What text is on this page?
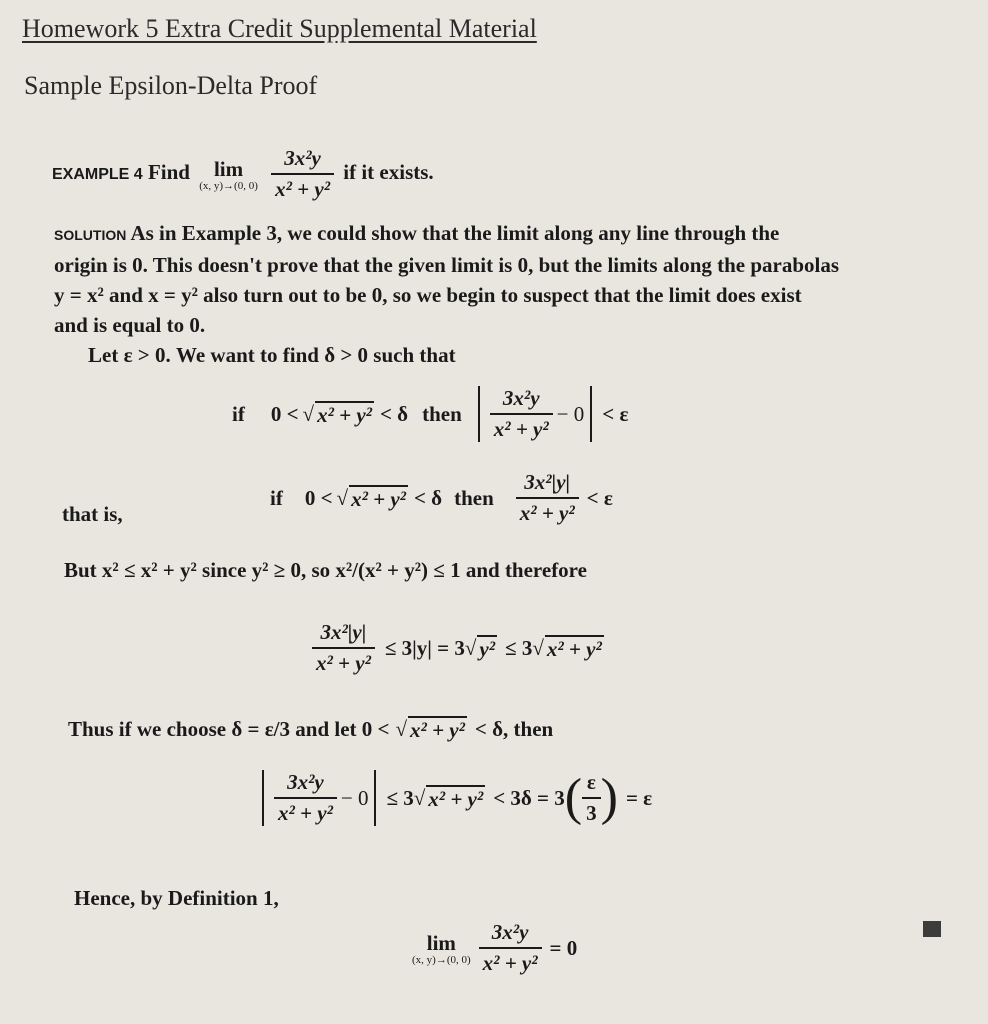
Homework 5 Extra Credit Supplemental Material
Sample Epsilon-Delta Proof
EXAMPLE 4 Find lim
(x, y)→(0, 0)
$\frac{\text{3x²y}}{\text{x² + y²}}$ if it exists.

SOLUTION As in Example 3, we could show that the limit along any line through the

origin is 0. This doesn't prove that the given limit is 0, but the limits along the parabolas

y = x² and x = y² also turn out to be 0, so we begin to suspect that the limit does exist

and is equal to 0.

Let ε > 0. We want to find δ > 0 such that

if 0 < √ x² + y² < δ then $\frac{\text{3x²y}}{\text{x² + y²}} - 0 < \varepsilon$
that is,
if 0 < √ x² + y² < δ then $\frac{\text{3x²|y|}}{\text{x² + y²}} < \varepsilon$
But x² ≤ x² + y² since y² ≥ 0, so x²/(x² + y²) ≤ 1 and therefore
$\frac{\text{3x²|y|}}{\text{x² + y²}} \le 3|y| = 3$ √ y² ≤ 3 √ x² + y²
Thus if we choose δ = ε/3 and let 0 < √ x² + y² < δ, then
$\frac{\text{3x²y}}{\text{x² + y²}} - 0 \le 3$ √ x² + y² < 3δ = 3 ( $\frac{\varepsilon}{3}$ ) = ε
Hence, by Definition 1,
lim
(x, y)→(0, $0) \frac{\text{3x²y}}{\text{x² + y²}} = 0$
